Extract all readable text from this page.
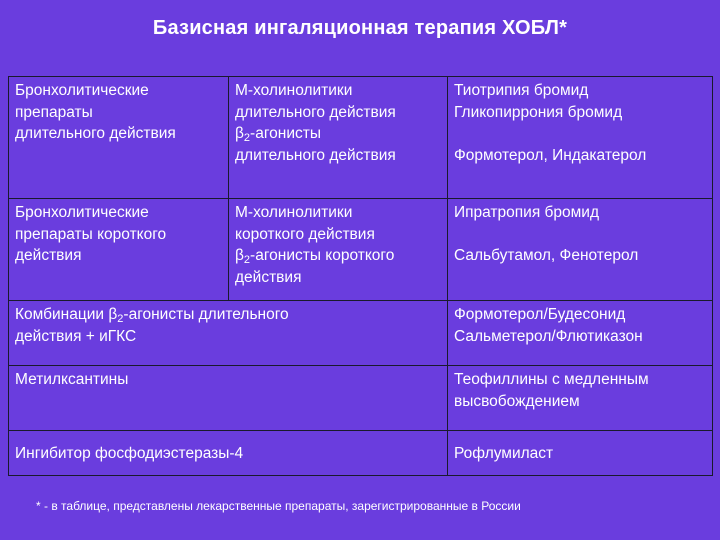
Базисная ингаляционная терапия ХОБЛ*
Бронхолитические
препараты
длительного действия	М-холинолитики
длительного действия
$\beta_2$-агонисты
длительного действия	Тиотрипия бромид
Гликопиррония бромид

Формотерол, Индакатерол

Бронхолитические
препараты короткого
действия	М-холинолитики
короткого действия
$\beta_2$-агонисты короткого
действия	Ипратропия бромид

Сальбутамол, Фенотерол

Комбинации $\beta_2$-агонисты длительного
действия + иГКС		Формотерол/Будесонид
Сальметерол/Флютиказон

Метилксантины		Теофиллины с медленным
высвобождением

Ингибитор фосфодиэстеразы-4		Рофлумиласт
* - в таблице, представлены лекарственные препараты, зарегистрированные в России
